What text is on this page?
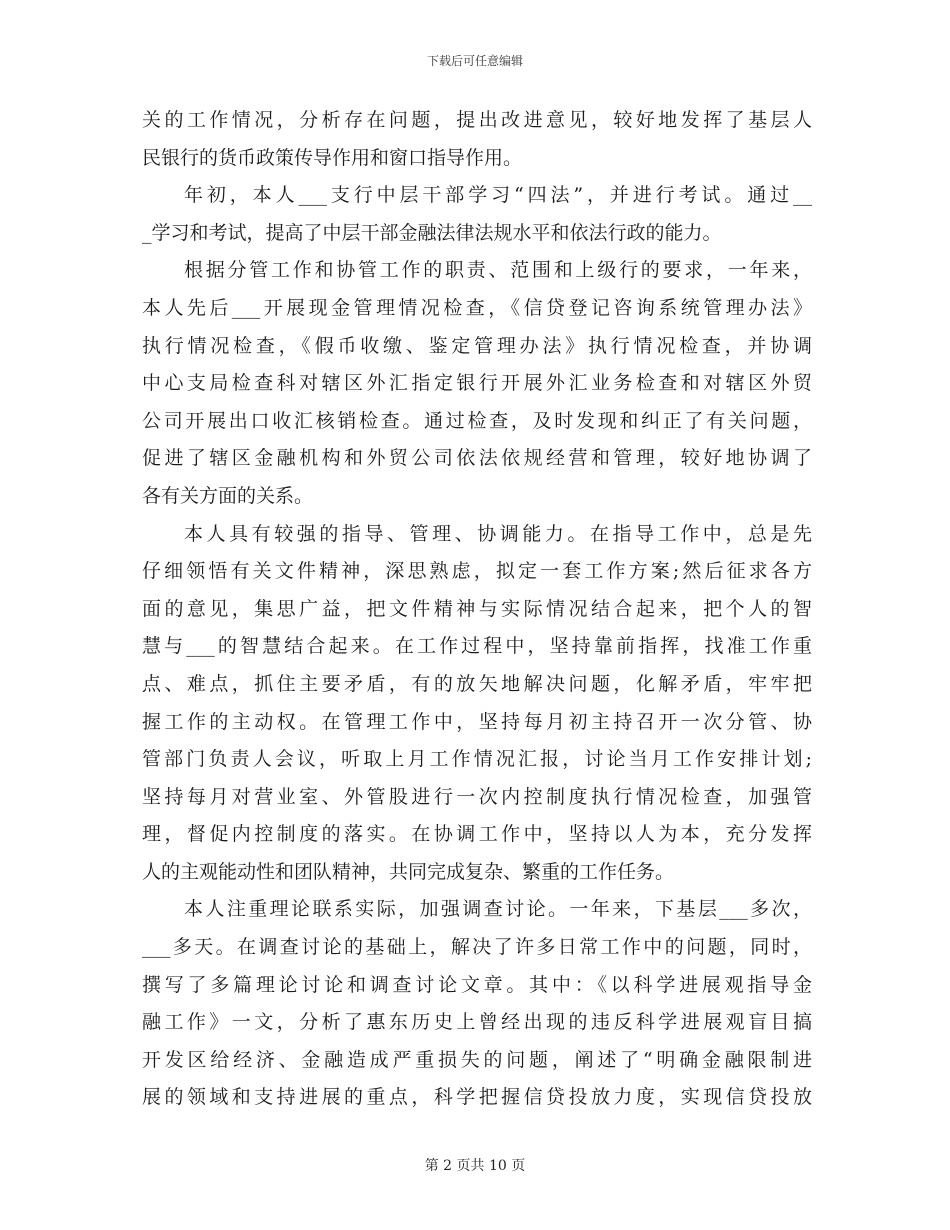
下载后可任意编辑
关的工作情况，分析存在问题，提出改进意见，较好地发挥了基层人
民银行的货币政策传导作用和窗口指导作用。
年初，本人___支行中层干部学习“四法”，并进行考试。通过__
_学习和考试，提高了中层干部金融法律法规水平和依法行政的能力。
根据分管工作和协管工作的职责、范围和上级行的要求，一年来，
本人先后___开展现金管理情况检查，《信贷登记咨询系统管理办法》
执行情况检查，《假币收缴、鉴定管理办法》执行情况检查，并协调
中心支局检查科对辖区外汇指定银行开展外汇业务检查和对辖区外贸
公司开展出口收汇核销检查。通过检查，及时发现和纠正了有关问题，
促进了辖区金融机构和外贸公司依法依规经营和管理，较好地协调了
各有关方面的关系。
本人具有较强的指导、管理、协调能力。在指导工作中，总是先
仔细领悟有关文件精神，深思熟虑，拟定一套工作方案;然后征求各方
面的意见，集思广益，把文件精神与实际情况结合起来，把个人的智
慧与___的智慧结合起来。在工作过程中，坚持靠前指挥，找准工作重
点、难点，抓住主要矛盾，有的放矢地解决问题，化解矛盾，牢牢把
握工作的主动权。在管理工作中，坚持每月初主持召开一次分管、协
管部门负责人会议，听取上月工作情况汇报，讨论当月工作安排计划;
坚持每月对营业室、外管股进行一次内控制度执行情况检查，加强管
理，督促内控制度的落实。在协调工作中，坚持以人为本，充分发挥
人的主观能动性和团队精神，共同完成复杂、繁重的工作任务。
本人注重理论联系实际，加强调查讨论。一年来，下基层___多次，
___多天。在调查讨论的基础上，解决了许多日常工作中的问题，同时，
撰写了多篇理论讨论和调查讨论文章。其中：《以科学进展观指导金
融工作》一文，分析了惠东历史上曾经出现的违反科学进展观盲目搞
开发区给经济、金融造成严重损失的问题，阐述了“明确金融限制进
展的领域和支持进展的重点，科学把握信贷投放力度，实现信贷投放
第 2 页共 10 页
